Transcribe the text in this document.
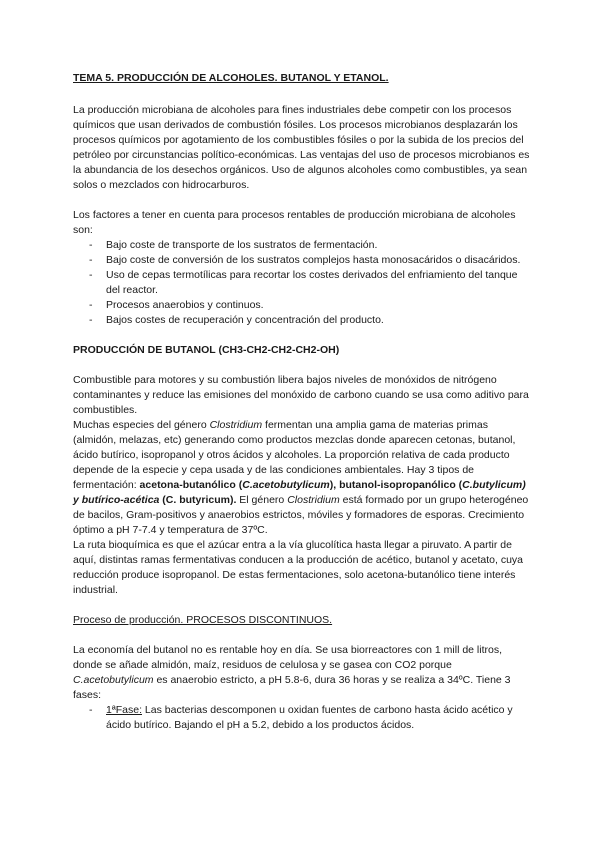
TEMA 5. PRODUCCIÓN DE ALCOHOLES. BUTANOL Y ETANOL.

La producción microbiana de alcoholes para fines industriales debe competir con los procesos químicos que usan derivados de combustión fósiles. Los procesos microbianos desplazarán los procesos químicos por agotamiento de los combustibles fósiles o por la subida de los precios del petróleo por circunstancias político-económicas. Las ventajas del uso de procesos microbianos es la abundancia de los desechos orgánicos. Uso de algunos alcoholes como combustibles, ya sean solos o mezclados con hidrocarburos.

Los factores a tener en cuenta para procesos rentables de producción microbiana de alcoholes son:

- Bajo coste de transporte de los sustratos de fermentación.
- Bajo coste de conversión de los sustratos complejos hasta monosacáridos o disacáridos.
- Uso de cepas termotílicas para recortar los costes derivados del enfriamiento del tanque del reactor.
- Procesos anaerobios y continuos.
- Bajos costes de recuperación y concentración del producto.

PRODUCCIÓN DE BUTANOL (CH3-CH2-CH2-CH2-OH)

Combustible para motores y su combustión libera bajos niveles de monóxidos de nitrógeno contaminantes y reduce las emisiones del monóxido de carbono cuando se usa como aditivo para combustibles.

Muchas especies del género Clostridium fermentan una amplia gama de materias primas (almidón, melazas, etc) generando como productos mezclas donde aparecen cetonas, butanol, ácido butírico, isopropanol y otros ácidos y alcoholes. La proporción relativa de cada producto depende de la especie y cepa usada y de las condiciones ambientales. Hay 3 tipos de fermentación: acetona-butanólico (C.acetobutylicum), butanol-isopropanólico (C.butylicum) y butírico-acética (C. butyricum). El género Clostridium está formado por un grupo heterogéneo de bacilos, Gram-positivos y anaerobios estrictos, móviles y formadores de esporas. Crecimiento óptimo a pH 7-7.4 y temperatura de 37ºC.

La ruta bioquímica es que el azúcar entra a la vía glucolítica hasta llegar a piruvato. A partir de aquí, distintas ramas fermentativas conducen a la producción de acético, butanol y acetato, cuya reducción produce isopropanol. De estas fermentaciones, solo acetona-butanólico tiene interés industrial.

Proceso de producción. PROCESOS DISCONTINUOS.

La economía del butanol no es rentable hoy en día. Se usa biorreactores con 1 mill de litros, donde se añade almidón, maíz, residuos de celulosa y se gasea con CO2 porque C.acetobutylicum es anaerobio estricto, a pH 5.8-6, dura 36 horas y se realiza a 34ºC. Tiene 3 fases:

- 1ªFase: Las bacterias descomponen u oxidan fuentes de carbono hasta ácido acético y ácido butírico. Bajando el pH a 5.2, debido a los productos ácidos.
